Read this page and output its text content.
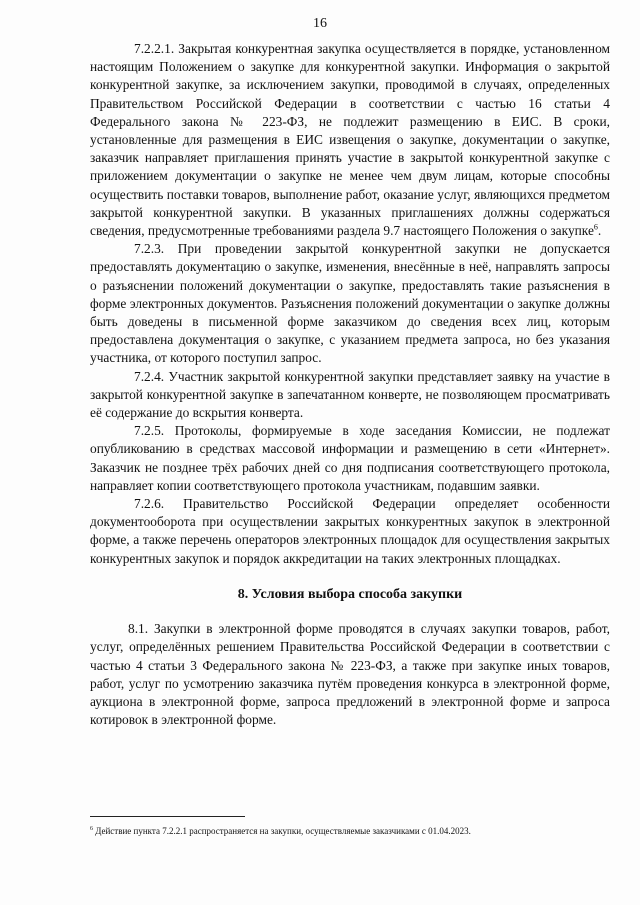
16

7.2.2.1. Закрытая конкурентная закупка осуществляется в порядке, установленном настоящим Положением о закупке для конкурентной закупки. Информация о закрытой конкурентной закупке, за исключением закупки, проводимой в случаях, определенных Правительством Российской Федерации в соответствии с частью 16 статьи 4 Федерального закона № 223-ФЗ, не подлежит размещению в ЕИС. В сроки, установленные для размещения в ЕИС извещения о закупке, документации о закупке, заказчик направляет приглашения принять участие в закрытой конкурентной закупке с приложением документации о закупке не менее чем двум лицам, которые способны осуществить поставки товаров, выполнение работ, оказание услуг, являющихся предметом закрытой конкурентной закупки. В указанных приглашениях должны содержаться сведения, предусмотренные требованиями раздела 9.7 настоящего Положения о закупке$^6$.

7.2.3. При проведении закрытой конкурентной закупки не допускается предоставлять документацию о закупке, изменения, внесённые в неё, направлять запросы о разъяснении положений документации о закупке, предоставлять такие разъяснения в форме электронных документов. Разъяснения положений документации о закупке должны быть доведены в письменной форме заказчиком до сведения всех лиц, которым предоставлена документация о закупке, с указанием предмета запроса, но без указания участника, от которого поступил запрос.

7.2.4. Участник закрытой конкурентной закупки представляет заявку на участие в закрытой конкурентной закупке в запечатанном конверте, не позволяющем просматривать её содержание до вскрытия конверта.

7.2.5. Протоколы, формируемые в ходе заседания Комиссии, не подлежат опубликованию в средствах массовой информации и размещению в сети «Интернет». Заказчик не позднее трёх рабочих дней со дня подписания соответствующего протокола, направляет копии соответствующего протокола участникам, подавшим заявки.

7.2.6. Правительство Российской Федерации определяет особенности документооборота при осуществлении закрытых конкурентных закупок в электронной форме, а также перечень операторов электронных площадок для осуществления закрытых конкурентных закупок и порядок аккредитации на таких электронных площадках.

8. Условия выбора способа закупки

8.1. Закупки в электронной форме проводятся в случаях закупки товаров, работ, услуг, определённых решением Правительства Российской Федерации в соответствии с частью 4 статьи 3 Федерального закона № 223-ФЗ, а также при закупке иных товаров, работ, услуг по усмотрению заказчика путём проведения конкурса в электронной форме, аукциона в электронной форме, запроса предложений в электронной форме и запроса котировок в электронной форме.

$^6$ Действие пункта 7.2.2.1 распространяется на закупки, осуществляемые заказчиками с 01.04.2023.
